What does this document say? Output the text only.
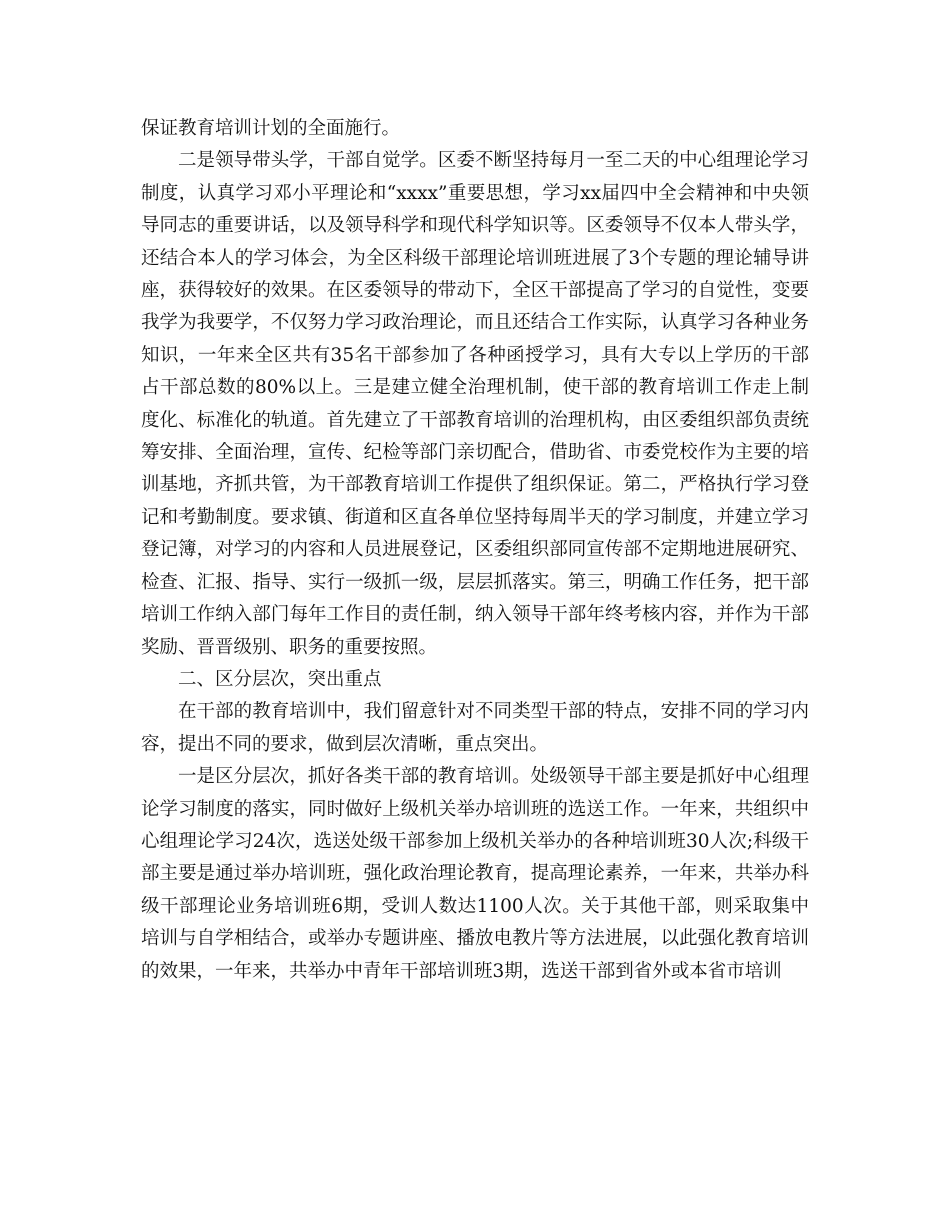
保证教育培训计划的全面施行。

二是领导带头学，干部自觉学。区委不断坚持每月一至二天的中心组理论学习制度，认真学习邓小平理论和“xxxx”重要思想，学习xx届四中全会精神和中央领导同志的重要讲话，以及领导科学和现代科学知识等。区委领导不仅本人带头学，还结合本人的学习体会，为全区科级干部理论培训班进展了3个专题的理论辅导讲座，获得较好的效果。在区委领导的带动下，全区干部提高了学习的自觉性，变要我学为我要学，不仅努力学习政治理论，而且还结合工作实际，认真学习各种业务知识，一年来全区共有35名干部参加了各种函授学习，具有大专以上学历的干部占干部总数的80%以上。三是建立健全治理机制，使干部的教育培训工作走上制度化、标准化的轨道。首先建立了干部教育培训的治理机构，由区委组织部负责统筹安排、全面治理，宣传、纪检等部门亲切配合，借助省、市委党校作为主要的培训基地，齐抓共管，为干部教育培训工作提供了组织保证。第二，严格执行学习登记和考勤制度。要求镇、街道和区直各单位坚持每周半天的学习制度，并建立学习登记簿，对学习的内容和人员进展登记，区委组织部同宣传部不定期地进展研究、检查、汇报、指导、实行一级抓一级，层层抓落实。第三，明确工作任务，把干部培训工作纳入部门每年工作目的责任制，纳入领导干部年终考核内容，并作为干部奖励、晋晋级别、职务的重要按照。

二、区分层次，突出重点

在干部的教育培训中，我们留意针对不同类型干部的特点，安排不同的学习内容，提出不同的要求，做到层次清晰，重点突出。

一是区分层次，抓好各类干部的教育培训。处级领导干部主要是抓好中心组理论学习制度的落实，同时做好上级机关举办培训班的选送工作。一年来，共组织中心组理论学习24次，选送处级干部参加上级机关举办的各种培训班30人次;科级干部主要是通过举办培训班，强化政治理论教育，提高理论素养，一年来，共举办科级干部理论业务培训班6期，受训人数达1100人次。关于其他干部，则采取集中培训与自学相结合，或举办专题讲座、播放电教片等方法进展，以此强化教育培训的效果，一年来，共举办中青年干部培训班3期，选送干部到省外或本省市培训
